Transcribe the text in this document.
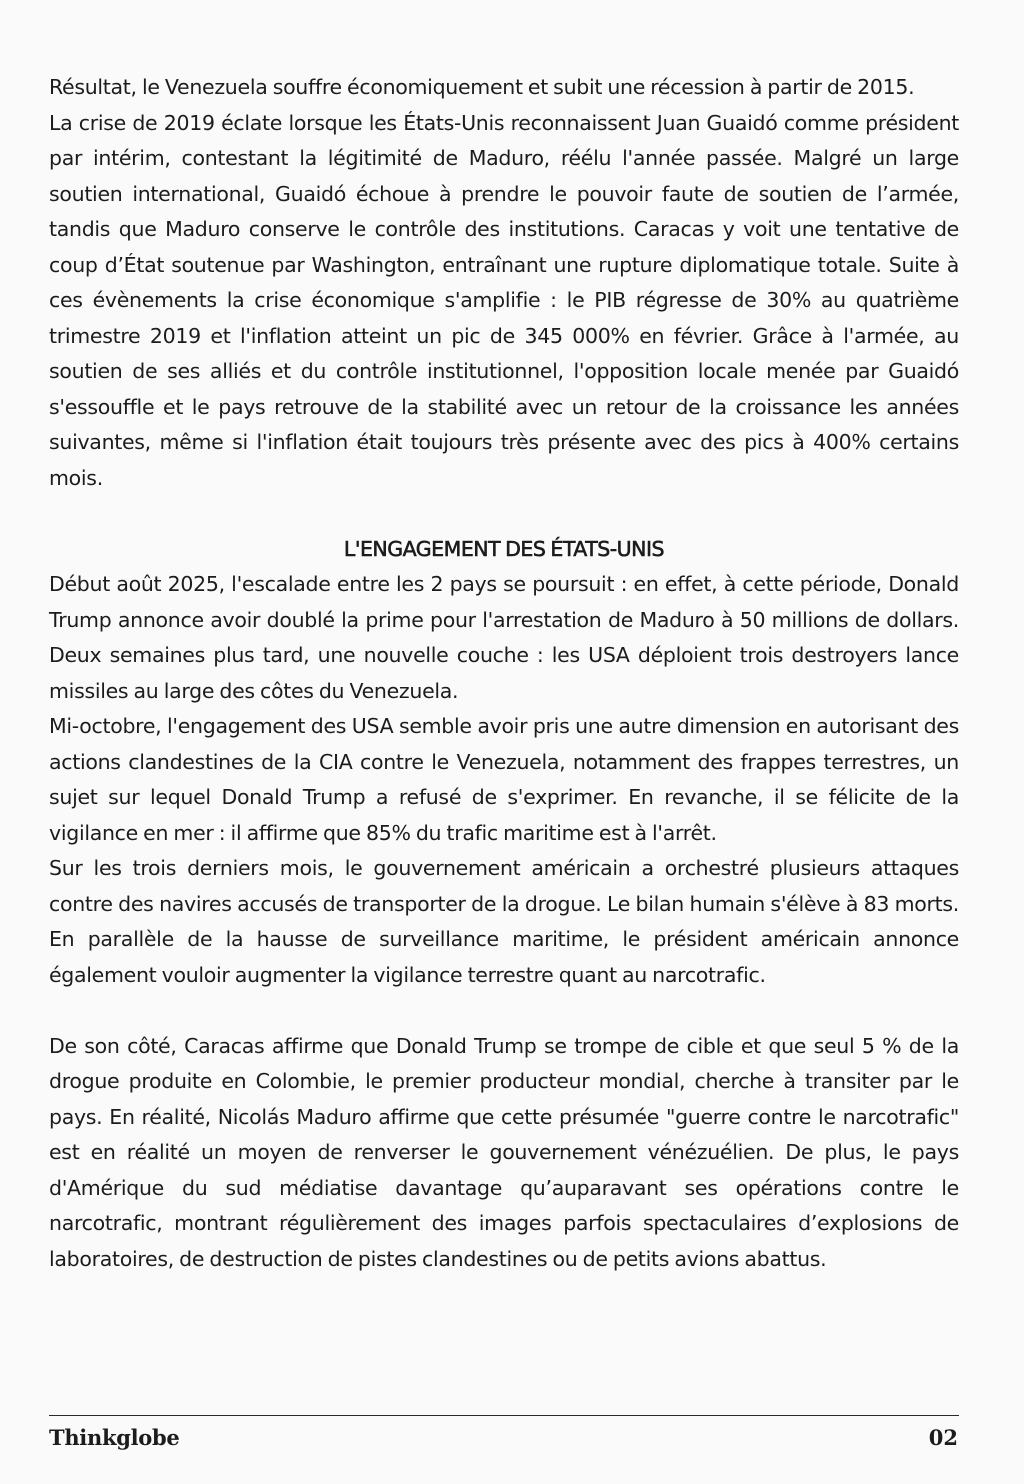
Résultat, le Venezuela souffre économiquement et subit une récession à partir de 2015.

La crise de 2019 éclate lorsque les États-Unis reconnaissent Juan Guaidó comme président par intérim, contestant la légitimité de Maduro, réélu l'année passée. Malgré un large soutien international, Guaidó échoue à prendre le pouvoir faute de soutien de l’armée, tandis que Maduro conserve le contrôle des institutions. Caracas y voit une tentative de coup d’État soutenue par Washington, entraînant une rupture diplomatique totale. Suite à ces évènements la crise économique s'amplifie : le PIB régresse de 30% au quatrième trimestre 2019 et l'inflation atteint un pic de 345 000% en février. Grâce à l'armée, au soutien de ses alliés et du contrôle institutionnel, l'opposition locale menée par Guaidó s'essouffle et le pays retrouve de la stabilité avec un retour de la croissance les années suivantes, même si l'inflation était toujours très présente avec des pics à 400% certains mois.

L'ENGAGEMENT DES ÉTATS-UNIS

Début août 2025, l'escalade entre les 2 pays se poursuit : en effet, à cette période, Donald Trump annonce avoir doublé la prime pour l'arrestation de Maduro à 50 millions de dollars. Deux semaines plus tard, une nouvelle couche : les USA déploient trois destroyers lance missiles au large des côtes du Venezuela.

Mi-octobre, l'engagement des USA semble avoir pris une autre dimension en autorisant des actions clandestines de la CIA contre le Venezuela, notamment des frappes terrestres, un sujet sur lequel Donald Trump a refusé de s'exprimer. En revanche, il se félicite de la vigilance en mer : il affirme que 85% du trafic maritime est à l'arrêt.

Sur les trois derniers mois, le gouvernement américain a orchestré plusieurs attaques contre des navires accusés de transporter de la drogue. Le bilan humain s'élève à 83 morts. En parallèle de la hausse de surveillance maritime, le président américain annonce également vouloir augmenter la vigilance terrestre quant au narcotrafic.

De son côté, Caracas affirme que Donald Trump se trompe de cible et que seul 5 % de la drogue produite en Colombie, le premier producteur mondial, cherche à transiter par le pays. En réalité, Nicolás Maduro affirme que cette présumée "guerre contre le narcotrafic" est en réalité un moyen de renverser le gouvernement vénézuélien. De plus, le pays d'Amérique du sud médiatise davantage qu’auparavant ses opérations contre le narcotrafic, montrant régulièrement des images parfois spectaculaires d’explosions de laboratoires, de destruction de pistes clandestines ou de petits avions abattus.

Thinkglobe	02
